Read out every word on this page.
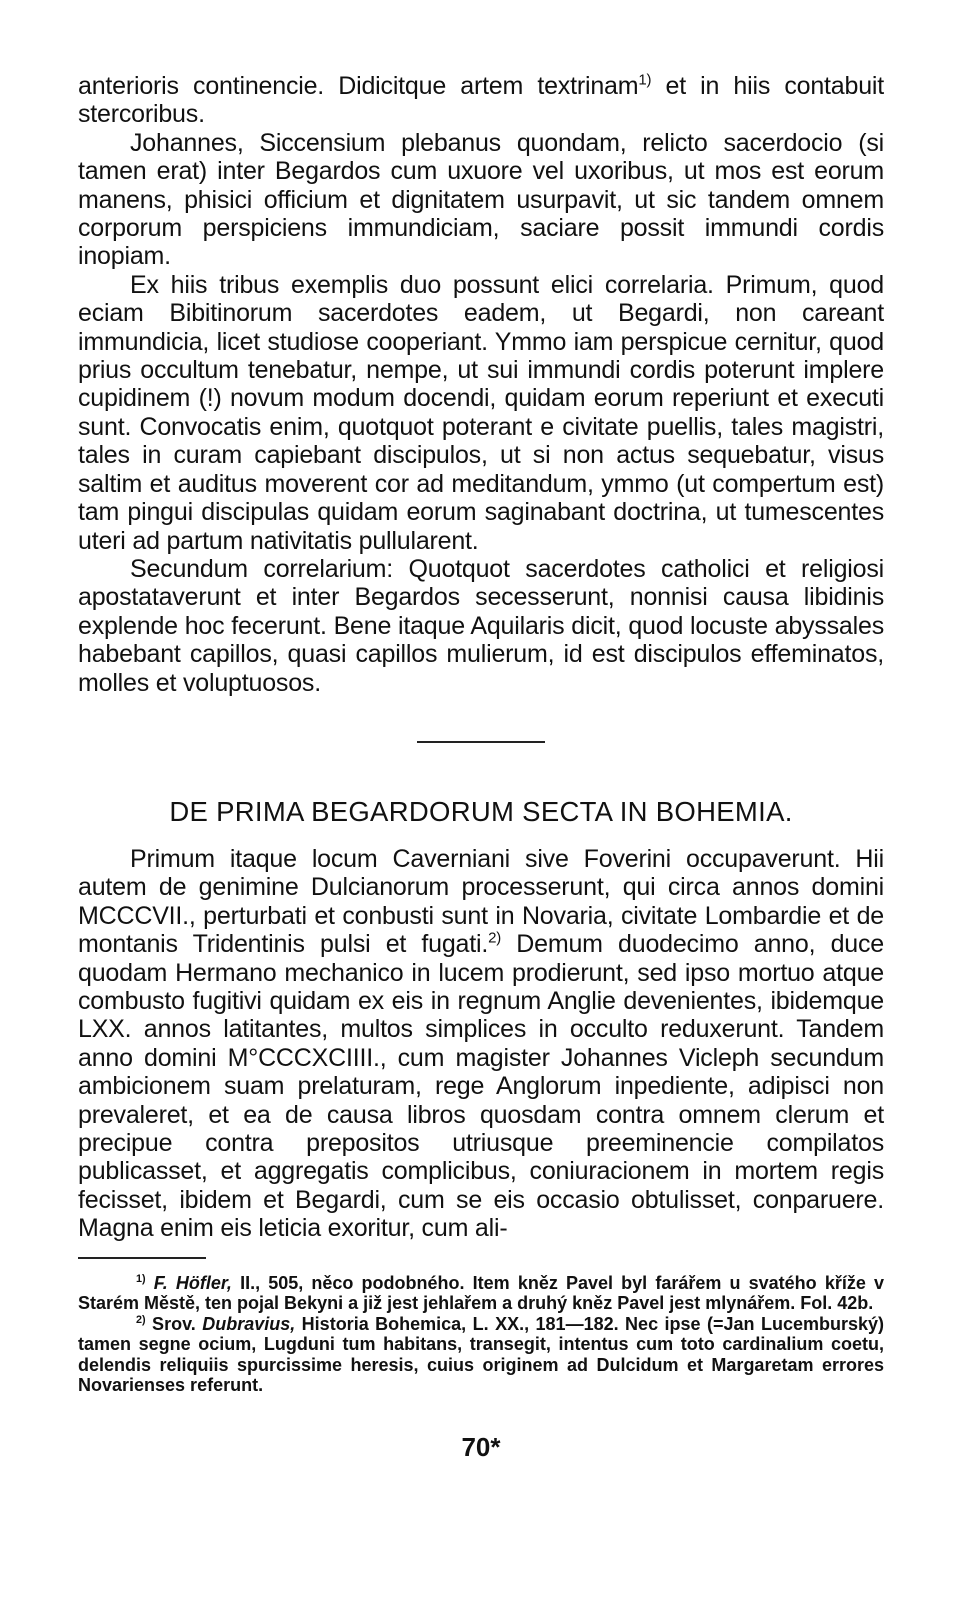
anterioris continencie. Didicitque artem textrinam$^{1)}$ et in hiis contabuit stercoribus.

Johannes, Siccensium plebanus quondam, relicto sacerdocio (si tamen erat) inter Begardos cum uxuore vel uxoribus, ut mos est eorum manens, phisici officium et dignitatem usurpavit, ut sic tandem omnem corporum perspiciens immundiciam, saciare possit immundi cordis inopiam.

Ex hiis tribus exemplis duo possunt elici correlaria. Primum, quod eciam Bibitinorum sacerdotes eadem, ut Begardi, non careant immundicia, licet studiose cooperiant. Ymmo iam perspicue cernitur, quod prius occultum tenebatur, nempe, ut sui immundi cordis poterunt implere cupidinem (!) novum modum docendi, quidam eorum reperiunt et executi sunt. Convocatis enim, quotquot poterant e civitate puellis, tales magistri, tales in curam capiebant discipulos, ut si non actus sequebatur, visus saltim et auditus moverent cor ad meditandum, ymmo (ut compertum est) tam pingui discipulas quidam eorum saginabant doctrina, ut tumescentes uteri ad partum nativitatis pullularent.

Secundum correlarium: Quotquot sacerdotes catholici et religiosi apostataverunt et inter Begardos secesserunt, nonnisi causa libidinis explende hoc fecerunt. Bene itaque Aquilaris dicit, quod locuste abyssales habebant capillos, quasi capillos mulierum, id est discipulos effeminatos, molles et voluptuosos.

DE PRIMA BEGARDORUM SECTA IN BOHEMIA.

Primum itaque locum Caverniani sive Foverini occupaverunt. Hii autem de genimine Dulcianorum processerunt, qui circa annos domini MCCCVII., perturbati et conbusti sunt in Novaria, civitate Lombardie et de montanis Tridentinis pulsi et fugati.$^{2)}$ Demum duodecimo anno, duce quodam Hermano mechanico in lucem prodierunt, sed ipso mortuo atque combusto fugitivi quidam ex eis in regnum Anglie devenientes, ibidemque LXX. annos latitantes, multos simplices in occulto reduxerunt. Tandem anno domini M°CCCXCIIII., cum magister Johannes Vicleph secundum ambicionem suam prelaturam, rege Anglorum inpediente, adipisci non prevaleret, et ea de causa libros quosdam contra omnem clerum et precipue contra prepositos utriusque preeminencie compilatos publicasset, et aggregatis complicibus, coniuracionem in mortem regis fecisset, ibidem et Begardi, cum se eis occasio obtulisset, conparuere. Magna enim eis leticia exoritur, cum ali-

$^{1)}$ F. Höfler, II., 505, něco podobného. Item kněz Pavel byl farářem u svatého kříže v Starém Městě, ten pojal Bekyni a již jest jehlařem a druhý kněz Pavel jest mlynářem. Fol. 42b.

$^{2)}$ Srov. Dubravius, Historia Bohemica, L. XX., 181—182. Nec ipse (=Jan Lucemburský) tamen segne ocium, Lugduni tum habitans, transegit, intentus cum toto cardinalium coetu, delendis reliquiis spurcissime heresis, cuius originem ad Dulcidum et Margaretam errores Novarienses referunt.

70*
